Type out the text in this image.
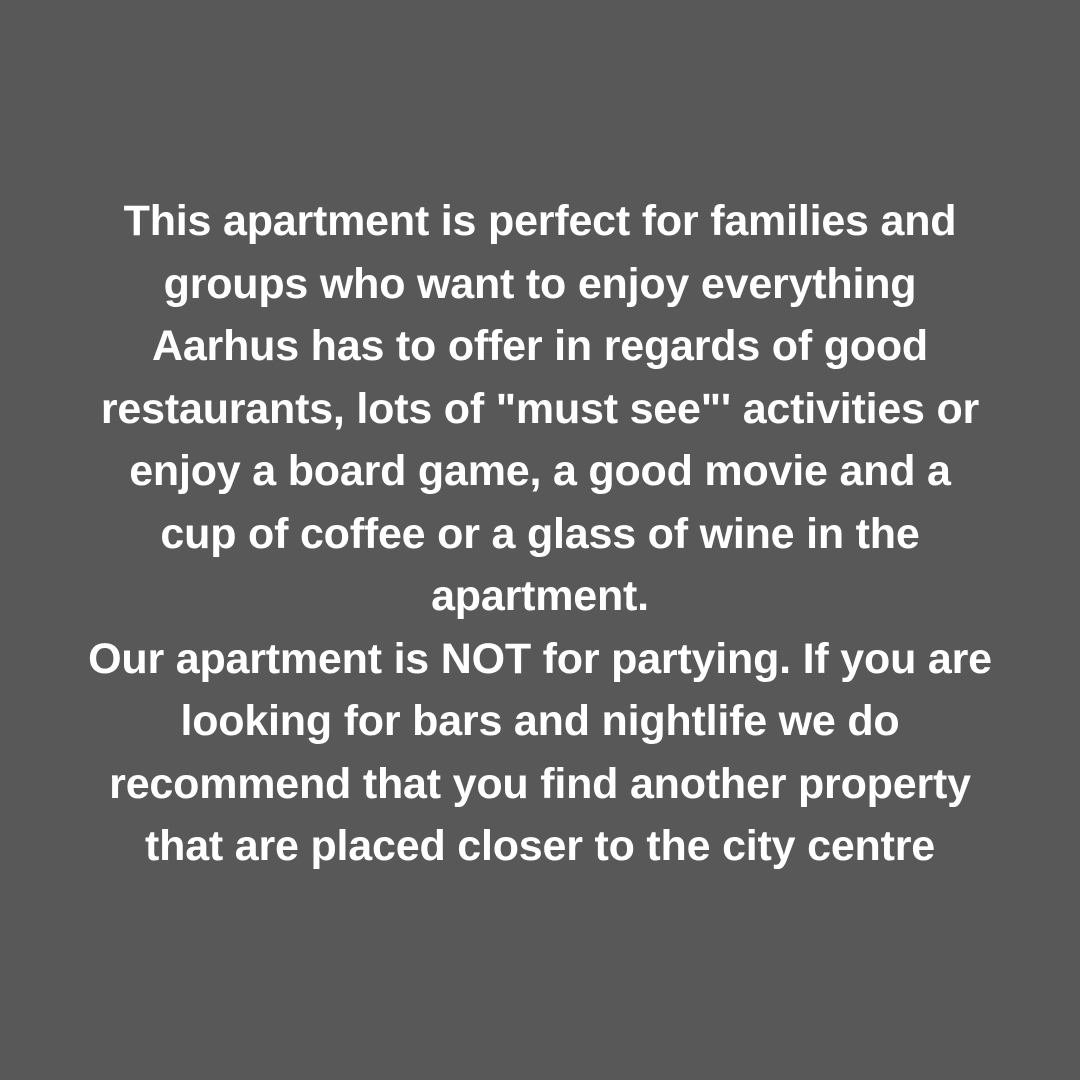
This apartment is perfect for families and groups who want to enjoy everything Aarhus has to offer in regards of good restaurants, lots of "must see"' activities or enjoy a board game, a good movie and a cup of coffee or a glass of wine in the apartment.
Our apartment is NOT for partying. If you are looking for bars and nightlife we do recommend that you find another property that are placed closer to the city centre
